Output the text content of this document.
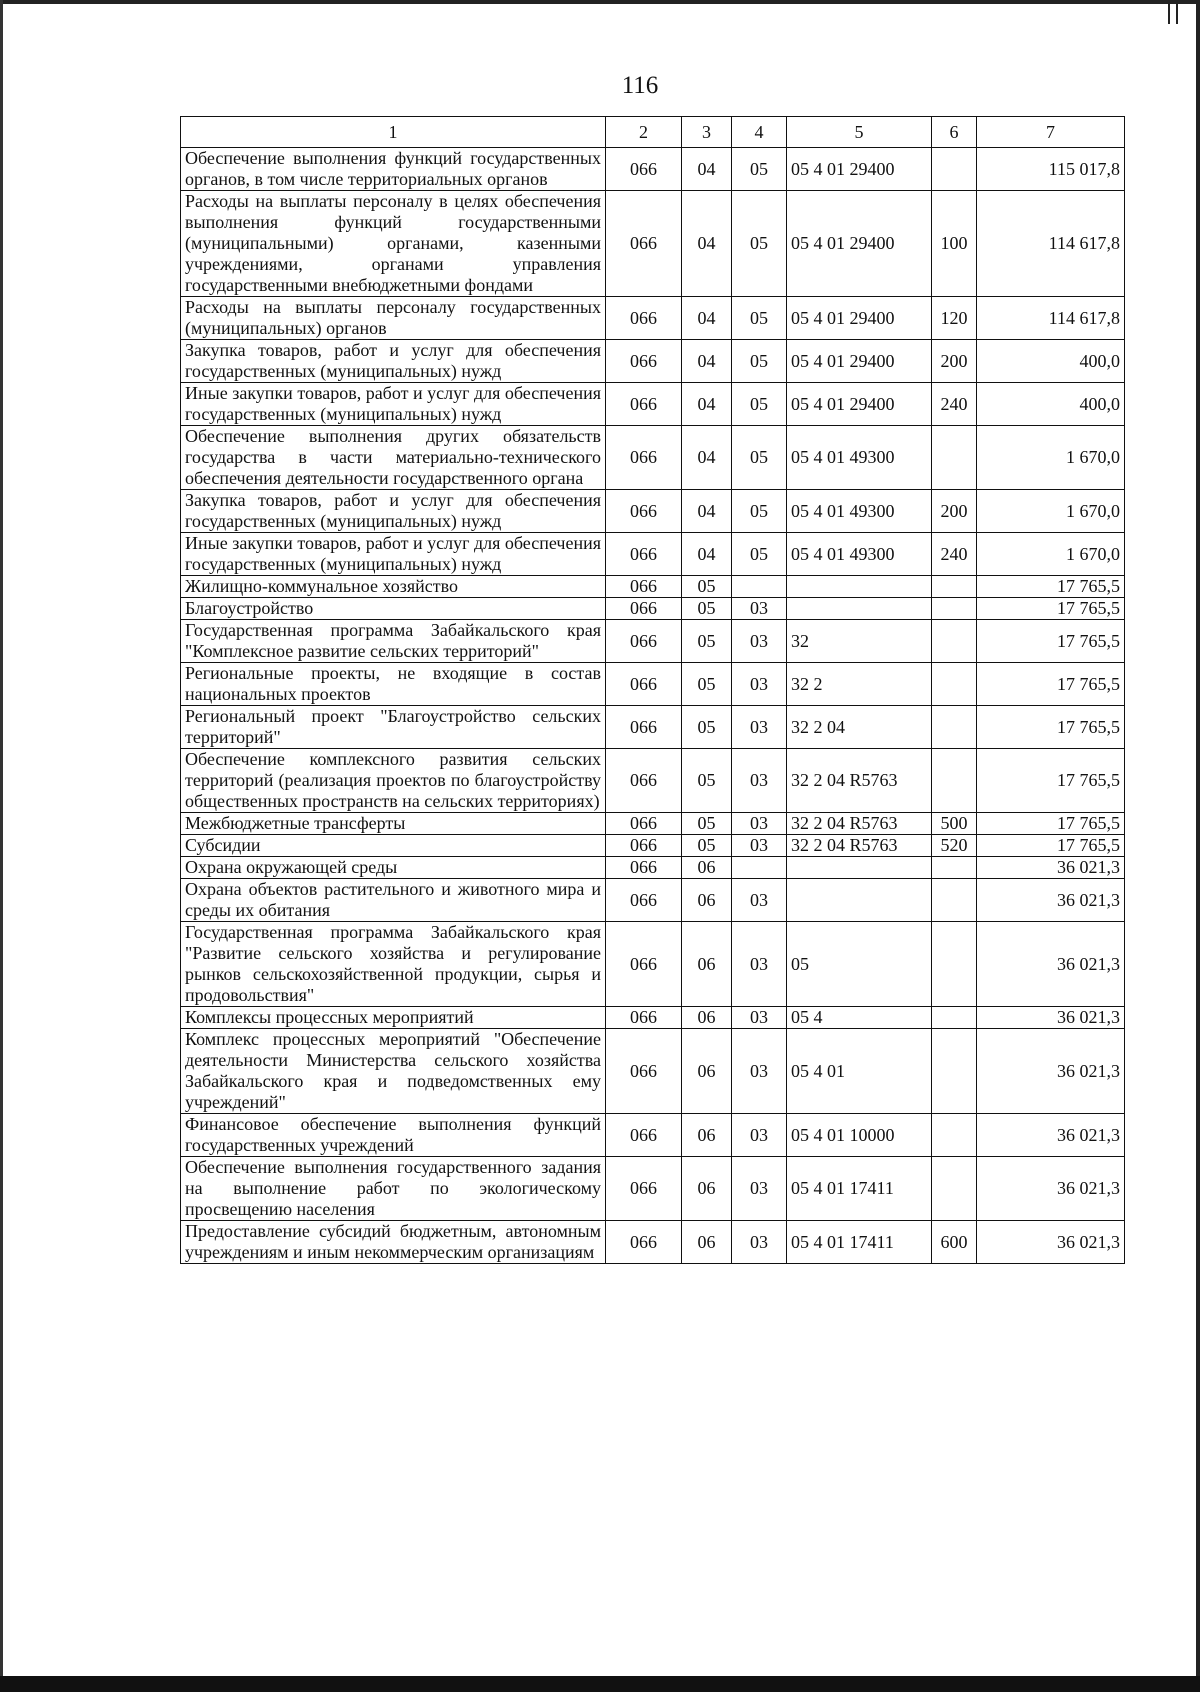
116
1	2	3	4	5	6	7
Обеспечение выполнения функций государственных органов, в том числе территориальных органов	066	04	05	05 4 01 29400		115 017,8
Расходы на выплаты персоналу в целях обеспечения выполнения функций государственными (муниципальными) органами, казенными учреждениями, органами управления государственными внебюджетными фондами	066	04	05	05 4 01 29400	100	114 617,8
Расходы на выплаты персоналу государственных (муниципальных) органов	066	04	05	05 4 01 29400	120	114 617,8
Закупка товаров, работ и услуг для обеспечения государственных (муниципальных) нужд	066	04	05	05 4 01 29400	200	400,0
Иные закупки товаров, работ и услуг для обеспечения государственных (муниципальных) нужд	066	04	05	05 4 01 29400	240	400,0
Обеспечение выполнения других обязательств государства в части материально-технического обеспечения деятельности государственного органа	066	04	05	05 4 01 49300		1 670,0
Закупка товаров, работ и услуг для обеспечения государственных (муниципальных) нужд	066	04	05	05 4 01 49300	200	1 670,0
Иные закупки товаров, работ и услуг для обеспечения государственных (муниципальных) нужд	066	04	05	05 4 01 49300	240	1 670,0
Жилищно-коммунальное хозяйство	066	05				17 765,5
Благоустройство	066	05	03			17 765,5
Государственная программа Забайкальского края "Комплексное развитие сельских территорий"	066	05	03	32		17 765,5
Региональные проекты, не входящие в состав национальных проектов	066	05	03	32 2		17 765,5
Региональный проект "Благоустройство сельских территорий"	066	05	03	32 2 04		17 765,5
Обеспечение комплексного развития сельских территорий (реализация проектов по благоустройству общественных пространств на сельских территориях)	066	05	03	32 2 04 R5763		17 765,5
Межбюджетные трансферты	066	05	03	32 2 04 R5763	500	17 765,5
Субсидии	066	05	03	32 2 04 R5763	520	17 765,5
Охрана окружающей среды	066	06				36 021,3
Охрана объектов растительного и животного мира и среды их обитания	066	06	03			36 021,3
Государственная программа Забайкальского края "Развитие сельского хозяйства и регулирование рынков сельскохозяйственной продукции, сырья и продовольствия"	066	06	03	05		36 021,3
Комплексы процессных мероприятий	066	06	03	05 4		36 021,3
Комплекс процессных мероприятий "Обеспечение деятельности Министерства сельского хозяйства Забайкальского края и подведомственных ему учреждений"	066	06	03	05 4 01		36 021,3
Финансовое обеспечение выполнения функций государственных учреждений	066	06	03	05 4 01 10000		36 021,3
Обеспечение выполнения государственного задания на выполнение работ по экологическому просвещению населения	066	06	03	05 4 01 17411		36 021,3
Предоставление субсидий бюджетным, автономным учреждениям и иным некоммерческим организациям	066	06	03	05 4 01 17411	600	36 021,3
